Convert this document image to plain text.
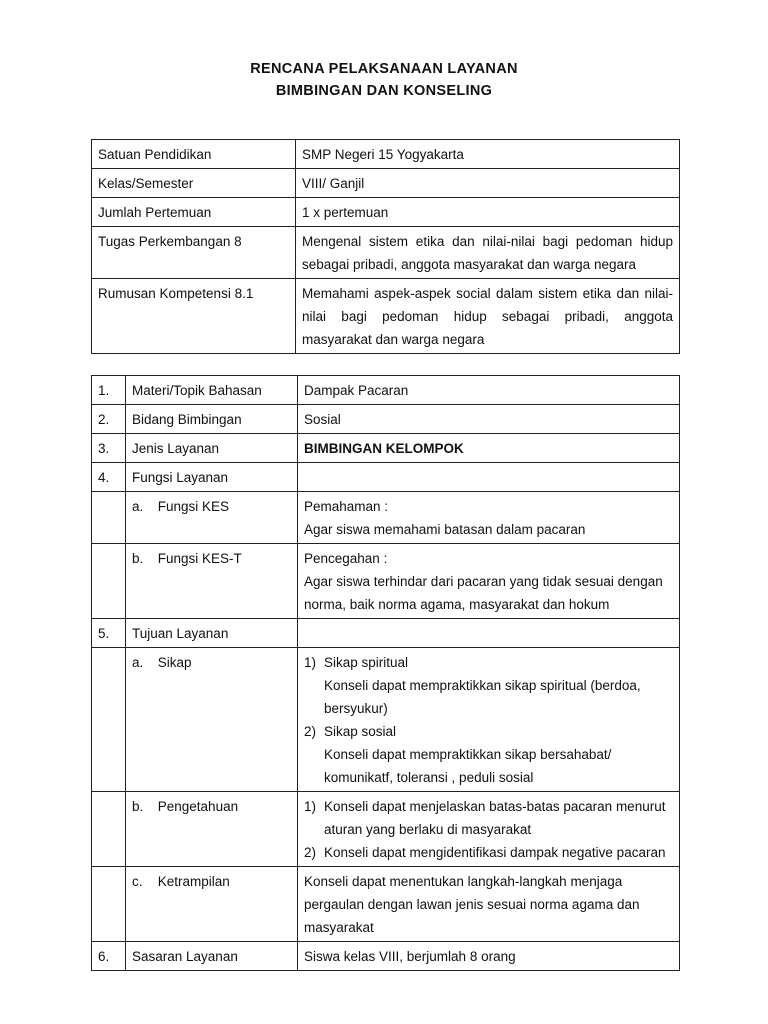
RENCANA PELAKSANAAN LAYANAN
BIMBINGAN DAN KONSELING
Satuan Pendidikan	SMP Negeri 15 Yogyakarta
Kelas/Semester	VIII/ Ganjil
Jumlah Pertemuan	1 x pertemuan
Tugas Perkembangan 8	Mengenal sistem etika dan nilai-nilai bagi pedoman hidup sebagai pribadi, anggota masyarakat dan warga negara
Rumusan Kompetensi 8.1	Memahami aspek-aspek social dalam sistem etika dan nilai-nilai bagi pedoman hidup sebagai pribadi, anggota masyarakat dan warga negara
1.	Materi/Topik Bahasan	Dampak Pacaran
2.	Bidang Bimbingan	Sosial
3.	Jenis Layanan	BIMBINGAN KELOMPOK
4.	Fungsi Layanan	

	a. Fungsi KES	Pemahaman :
Agar siswa memahami batasan dalam pacaran

	b. Fungsi KES-T	Pencegahan :
Agar siswa terhindar dari pacaran yang tidak sesuai dengan norma, baik norma agama, masyarakat dan hokum

5.	Tujuan Layanan	

	a. Sikap	1) Sikap spiritual
Konseli dapat mempraktikkan sikap spiritual (berdoa, bersyukur)
2) Sikap sosial
Konseli dapat mempraktikkan sikap bersahabat/ komunikatf, toleransi , peduli sosial

	b. Pengetahuan	1) Konseli dapat menjelaskan batas-batas pacaran menurut aturan yang berlaku di masyarakat
2) Konseli dapat mengidentifikasi dampak negative pacaran

	c. Ketrampilan	Konseli dapat menentukan langkah-langkah menjaga pergaulan dengan lawan jenis sesuai norma agama dan masyarakat
6.	Sasaran Layanan	Siswa kelas VIII, berjumlah 8 orang
